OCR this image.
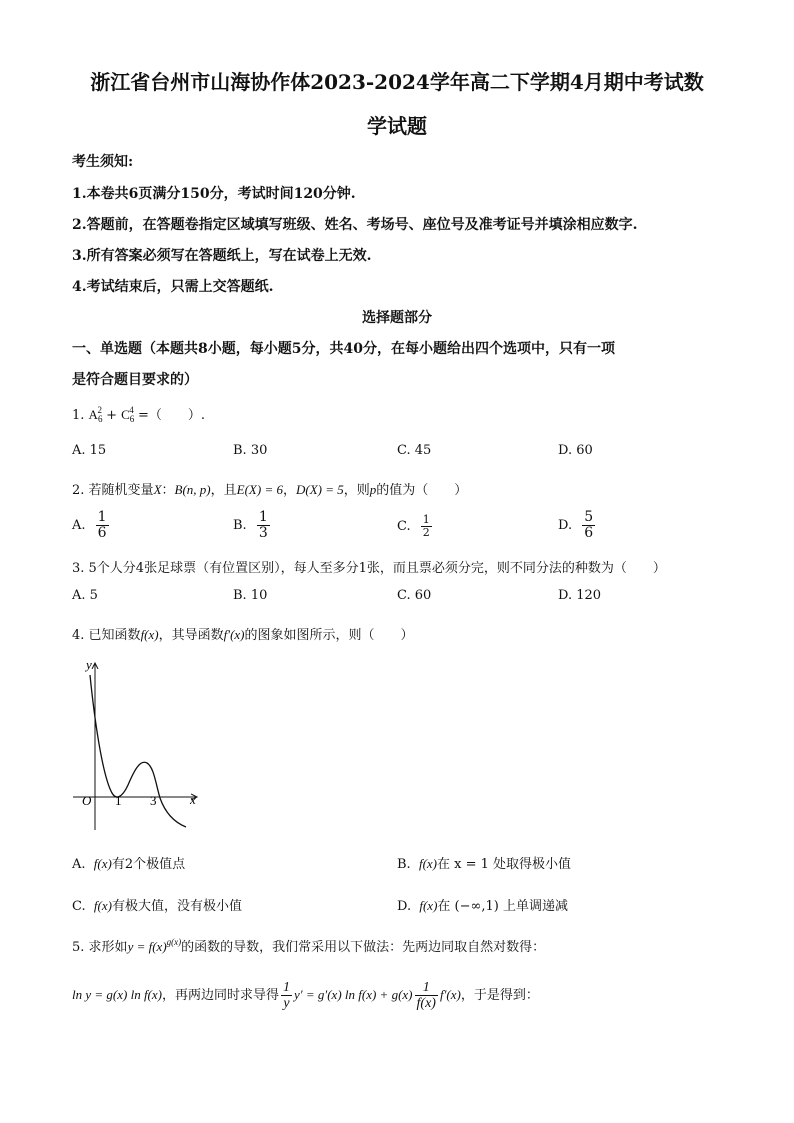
浙江省台州市山海协作体2023-2024学年高二下学期4月期中考试数
学试题
考生须知:
1.本卷共6页满分150分，考试时间120分钟.
2.答题前，在答题卷指定区域填写班级、姓名、考场号、座位号及准考证号并填涂相应数字.
3.所有答案必须写在答题纸上，写在试卷上无效.
4.考试结束后，只需上交答题纸.
选择题部分
一、单选题（本题共8小题，每小题5分，共40分，在每小题给出四个选项中，只有一项
是符合题目要求的）
1. $A_6^2 + C_6^4$ =（　　）.
A. 15	B. 30	C. 45	D. 60
2. 若随机变量X：B(n, p)，且E(X) = 6，D(X) = 5，则p的值为（　　）
A. $\frac{1}{6}$	B. $\frac{1}{3}$	C. $\frac{1}{2}$	D. $\frac{5}{6}$
3. 5个人分4张足球票（有位置区别），每人至多分1张，而且票必须分完，则不同分法的种数为（　　）
A. 5	B. 10	C. 60	D. 120
4. 已知函数f(x)，其导函数f′(x)的图象如图所示，则（　　）
y
x
O 1 3
A. f(x)有2个极值点	B. f(x)在 x = 1 处取得极小值
C. f(x)有极大值，没有极小值	D. f(x)在 (−∞,1) 上单调递减
5. 求形如$y = f(x)^{g(x)}$的函数的导数，我们常采用以下做法：先两边同取自然对数得：
ln y = g(x) ln f(x)，再两边同时求导得 $\frac{1}{y} y' = g'(x)$ $\ln f(x) + g(x) \frac{1}{f(x)} f'(x)$，于是得到：
